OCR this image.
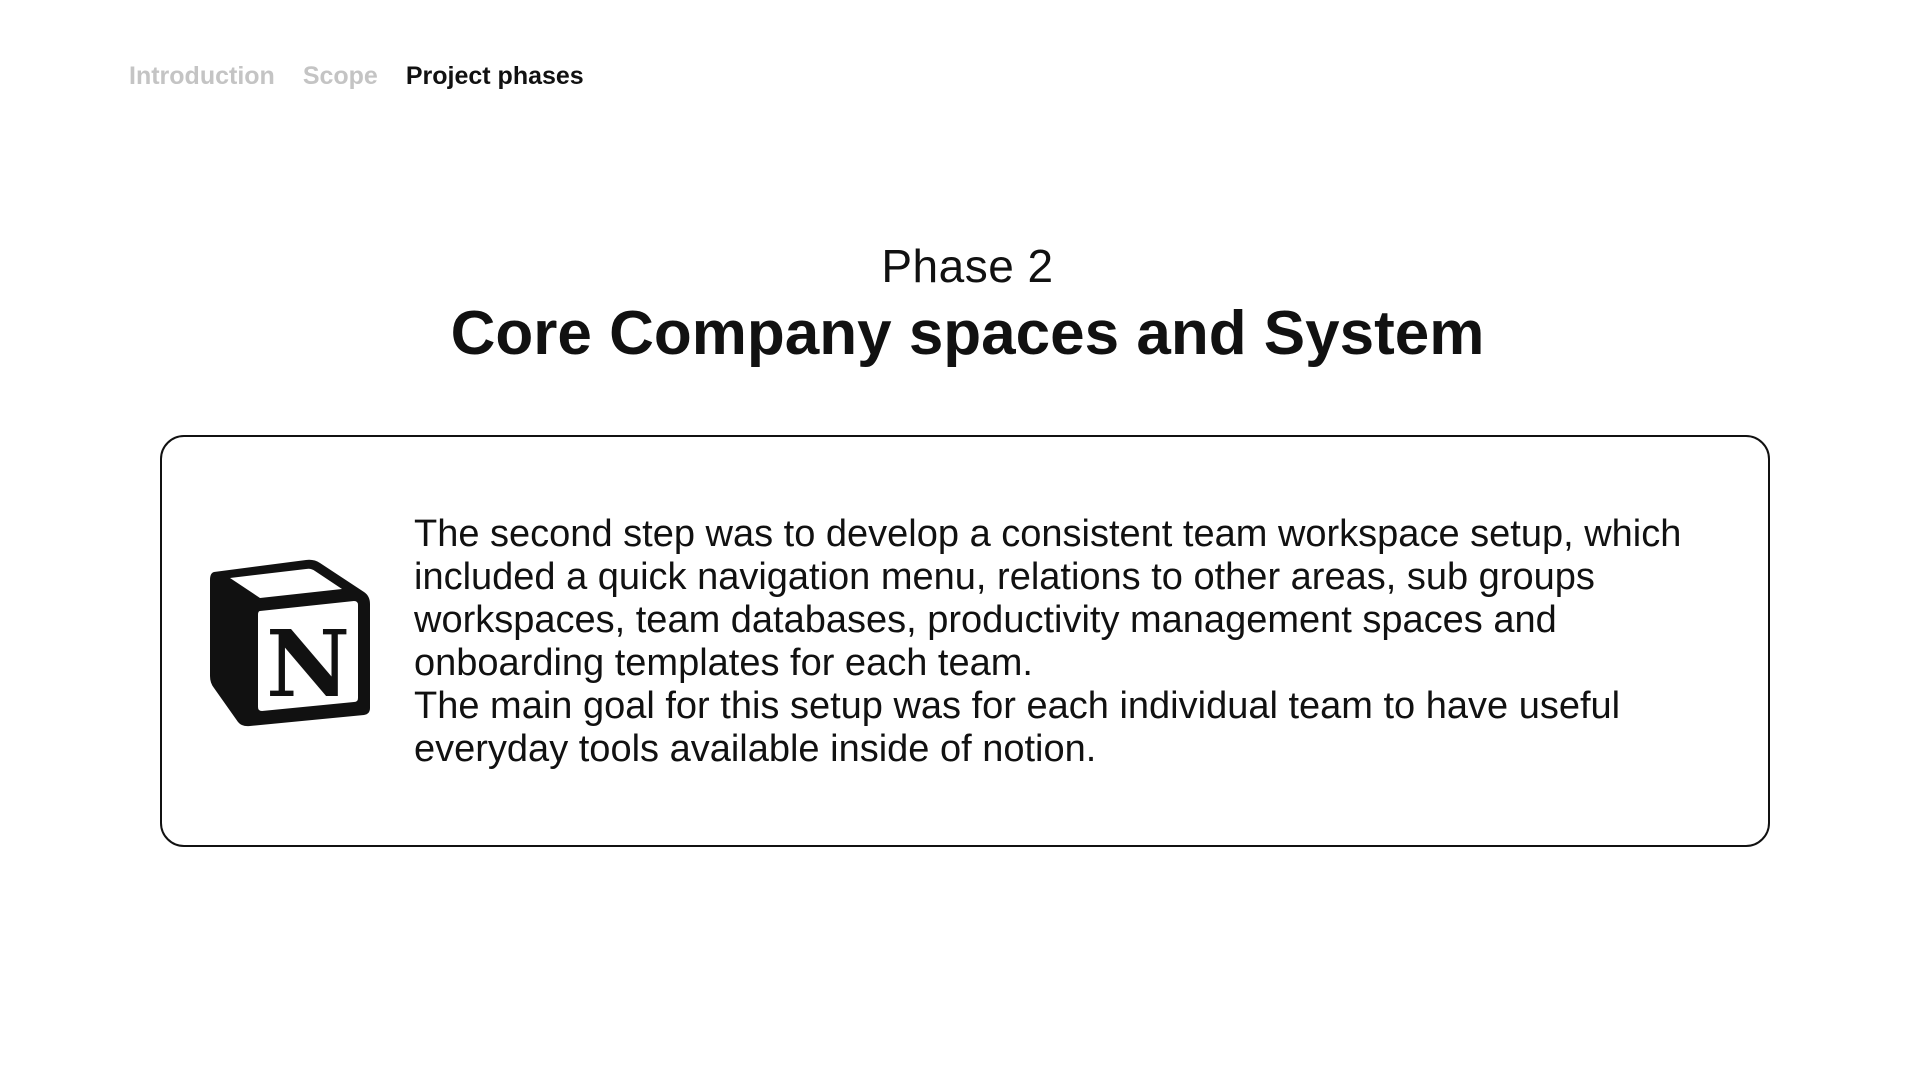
Introduction Scope Project phases
Phase 2
Core Company spaces and System
N

The second step was to develop a consistent team workspace setup, which included a quick navigation menu, relations to other areas, sub groups workspaces, team databases, productivity management spaces and onboarding templates for each team.

The main goal for this setup was for each individual team to have useful everyday tools available inside of notion.
